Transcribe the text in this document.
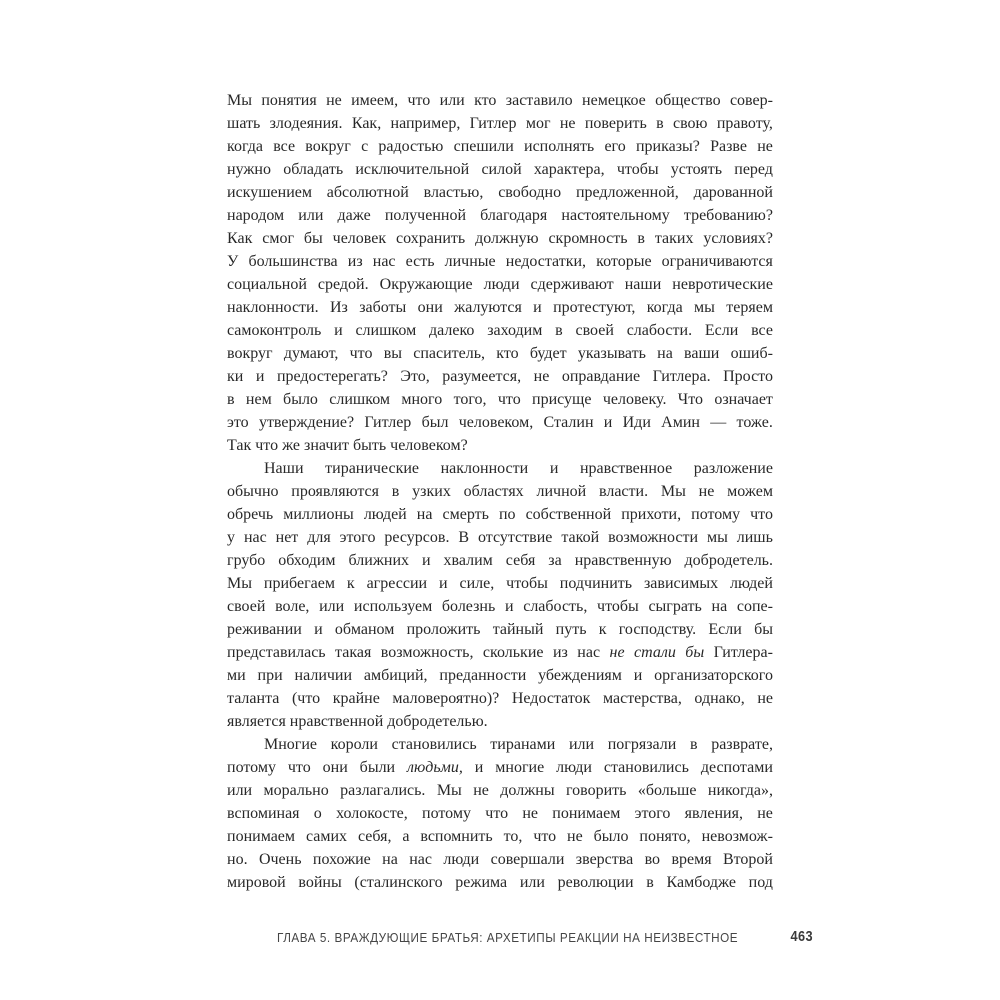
Мы понятия не имеем, что или кто заставило немецкое общество совер-
шать злодеяния. Как, например, Гитлер мог не поверить в свою правоту,
когда все вокруг с радостью спешили исполнять его приказы? Разве не
нужно обладать исключительной силой характера, чтобы устоять перед
искушением абсолютной властью, свободно предложенной, дарованной
народом или даже полученной благодаря настоятельному требованию?
Как смог бы человек сохранить должную скромность в таких условиях?
У большинства из нас есть личные недостатки, которые ограничиваются
социальной средой. Окружающие люди сдерживают наши невротические
наклонности. Из заботы они жалуются и протестуют, когда мы теряем
самоконтроль и слишком далеко заходим в своей слабости. Если все
вокруг думают, что вы спаситель, кто будет указывать на ваши ошиб-
ки и предостерегать? Это, разумеется, не оправдание Гитлера. Просто
в нем было слишком много того, что присуще человеку. Что означает
это утверждение? Гитлер был человеком, Сталин и Иди Амин — тоже.
Так что же значит быть человеком?
Наши тиранические наклонности и нравственное разложение
обычно проявляются в узких областях личной власти. Мы не можем
обречь миллионы людей на смерть по собственной прихоти, потому что
у нас нет для этого ресурсов. В отсутствие такой возможности мы лишь
грубо обходим ближних и хвалим себя за нравственную добродетель.
Мы прибегаем к агрессии и силе, чтобы подчинить зависимых людей
своей воле, или используем болезнь и слабость, чтобы сыграть на сопе-
реживании и обманом проложить тайный путь к господству. Если бы
представилась такая возможность, сколькие из нас не стали бы Гитлера-
ми при наличии амбиций, преданности убеждениям и организаторского
таланта (что крайне маловероятно)? Недостаток мастерства, однако, не
является нравственной добродетелью.
Многие короли становились тиранами или погрязали в разврате,
потому что они были людьми, и многие люди становились деспотами
или морально разлагались. Мы не должны говорить «больше никогда»,
вспоминая о холокосте, потому что не понимаем этого явления, не
понимаем самих себя, а вспомнить то, что не было понято, невозмож-
но. Очень похожие на нас люди совершали зверства во время Второй
мировой войны (сталинского режима или революции в Камбодже под
ГЛАВА 5. ВРАЖДУЮЩИЕ БРАТЬЯ: АРХЕТИПЫ РЕАКЦИИ НА НЕИЗВЕСТНОЕ	463
